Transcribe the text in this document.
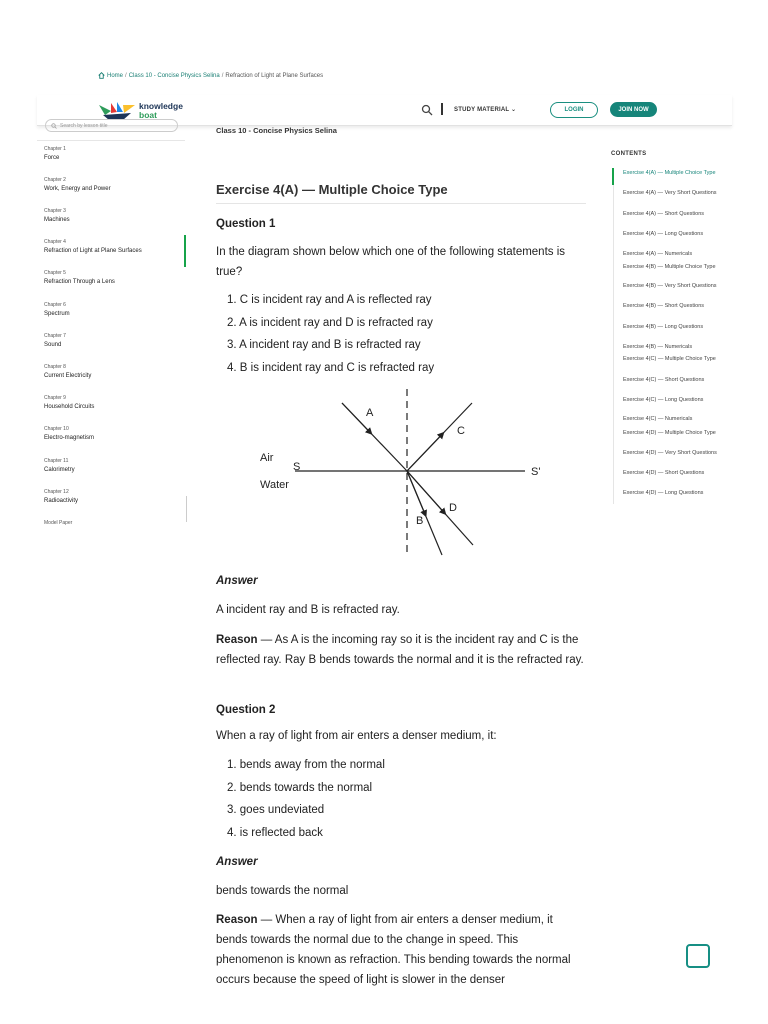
Home / Class 10 - Concise Physics Selina / Refraction of Light at Plane Surfaces
knowledge
boat	STUDY MATERIAL ⌄	LOGIN	JOIN NOW
Search by lesson title
Chapter 1
Force
Chapter 2
Work, Energy and Power
Chapter 3
Machines
Chapter 4
Refraction of Light at Plane Surfaces
Chapter 5
Refraction Through a Lens
Chapter 6
Spectrum
Chapter 7
Sound
Chapter 8
Current Electricity
Chapter 9
Household Circuits
Chapter 10
Electro-magnetism
Chapter 11
Calorimetry
Chapter 12
Radioactivity
Model Paper
Class 10 - Concise Physics Selina
Exercise 4(A) — Multiple Choice Type
Question 1
In the diagram shown below which one of the following statements is true?
1. C is incident ray and A is reflected ray
2. A is incident ray and D is refracted ray
3. A incident ray and B is refracted ray
4. B is incident ray and C is refracted ray
A
C
D
B
S	S'
Air
Water
Answer
A incident ray and B is refracted ray.
Reason — As A is the incoming ray so it is the incident ray and C is the reflected ray. Ray B bends towards the normal and it is the refracted ray.
Question 2
When a ray of light from air enters a denser medium, it:
1. bends away from the normal
2. bends towards the normal
3. goes undeviated
4. is reflected back
Answer
bends towards the normal
Reason — When a ray of light from air enters a denser medium, it bends towards the normal due to the change in speed. This phenomenon is known as refraction. This bending towards the normal occurs because the speed of light is slower in the denser
CONTENTS
Exercise 4(A) — Multiple Choice Type
Exercise 4(A) — Very Short Questions
Exercise 4(A) — Short Questions
Exercise 4(A) — Long Questions
Exercise 4(A) — Numericals
Exercise 4(B) — Multiple Choice Type
Exercise 4(B) — Very Short Questions
Exercise 4(B) — Short Questions
Exercise 4(B) — Long Questions
Exercise 4(B) — Numericals
Exercise 4(C) — Multiple Choice Type
Exercise 4(C) — Short Questions
Exercise 4(C) — Long Questions
Exercise 4(C) — Numericals
Exercise 4(D) — Multiple Choice Type
Exercise 4(D) — Very Short Questions
Exercise 4(D) — Short Questions
Exercise 4(D) — Long Questions
